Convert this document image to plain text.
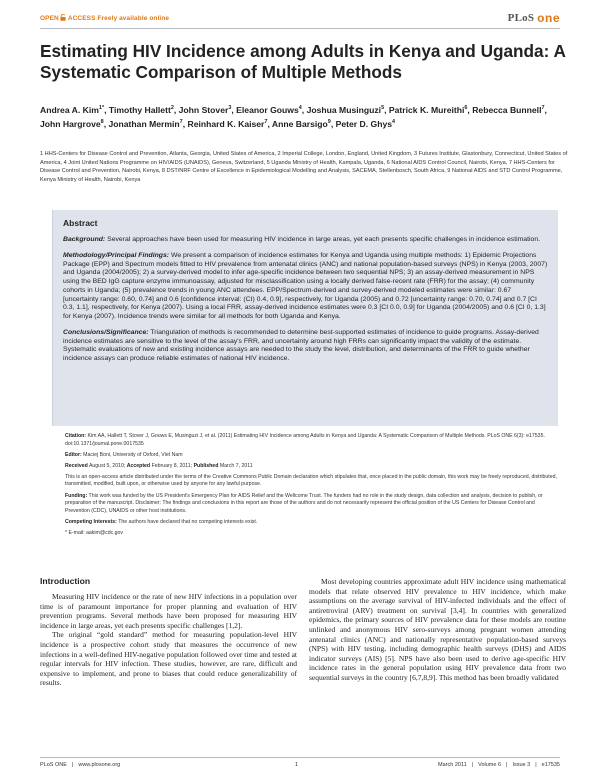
OPEN ACCESS Freely available online	PLoS one
Estimating HIV Incidence among Adults in Kenya and Uganda: A Systematic Comparison of Multiple Methods
Andrea A. Kim$^{1*}$, Timothy Hallett$^2$, John Stover$^3$, Eleanor Gouws$^4$, Joshua Musinguzi$^5$, Patrick K. Mureithi$^6$, Rebecca Bunnell$^7$, John Hargrove$^8$, Jonathan Mermin$^7$, Reinhard K. Kaiser$^7$, Anne Barsigo$^9$, Peter D. Ghys$^4$
1 HHS-Centers for Disease Control and Prevention, Atlanta, Georgia, United States of America, 2 Imperial College, London, England, United Kingdom, 3 Futures Institute, Glastonbury, Connecticut, United States of America, 4 Joint United Nations Programme on HIV/AIDS (UNAIDS), Geneva, Switzerland, 5 Uganda Ministry of Health, Kampala, Uganda, 6 National AIDS Control Council, Nairobi, Kenya, 7 HHS-Centers for Disease Control and Prevention, Nairobi, Kenya, 8 DST/NRF Centre of Excellence in Epidemiological Modelling and Analysis, SACEMA, Stellenbosch, South Africa, 9 National AIDS and STD Control Programme, Kenya Ministry of Health, Nairobi, Kenya
Abstract

Background: Several approaches have been used for measuring HIV incidence in large areas, yet each presents specific challenges in incidence estimation.

Methodology/Principal Findings: We present a comparison of incidence estimates for Kenya and Uganda using multiple methods: 1) Epidemic Projections Package (EPP) and Spectrum models fitted to HIV prevalence from antenatal clinics (ANC) and national population-based surveys (NPS) in Kenya (2003, 2007) and Uganda (2004/2005); 2) a survey-derived model to infer age-specific incidence between two sequential NPS; 3) an assay-derived measurement in NPS using the BED IgG capture enzyme immunoassay, adjusted for misclassification using a locally derived false-recent rate (FRR) for the assay; (4) community cohorts in Uganda; (5) prevalence trends in young ANC attendees. EPP/Spectrum-derived and survey-derived modeled estimates were similar: 0.67 [uncertainty range: 0.60, 0.74] and 0.6 [confidence interval: (CI) 0.4, 0.9], respectively, for Uganda (2005) and 0.72 [uncertainty range: 0.70, 0.74] and 0.7 [CI 0.3, 1.1], respectively, for Kenya (2007). Using a local FRR, assay-derived incidence estimates were 0.3 [CI 0.0, 0.9] for Uganda (2004/2005) and 0.6 [CI 0, 1.3] for Kenya (2007). Incidence trends were similar for all methods for both Uganda and Kenya.

Conclusions/Significance: Triangulation of methods is recommended to determine best-supported estimates of incidence to guide programs. Assay-derived incidence estimates are sensitive to the level of the assay's FRR, and uncertainty around high FRRs can significantly impact the validity of the estimate. Systematic evaluations of new and existing incidence assays are needed to the study the level, distribution, and determinants of the FRR to guide whether incidence assays can produce reliable estimates of national HIV incidence.

Citation: Kim AA, Hallett T, Stover J, Gouws E, Musinguzi J, et al. (2011) Estimating HIV Incidence among Adults in Kenya and Uganda: A Systematic Comparison of Multiple Methods. PLoS ONE 6(3): e17535. doi:10.1371/journal.pone.0017535

Editor: Maciej Boni, University of Oxford, Viet Nam

Received August 5, 2010; Accepted February 8, 2011; Published March 7, 2011

This is an open-access article distributed under the terms of the Creative Commons Public Domain declaration which stipulates that, once placed in the public domain, this work may be freely reproduced, distributed, transmitted, modified, built upon, or otherwise used by anyone for any lawful purpose.

Funding: This work was funded by the US President's Emergency Plan for AIDS Relief and the Wellcome Trust. The funders had no role in the study design, data collection and analysis, decision to publish, or preparation of the manuscript. Disclaimer: The findings and conclusions in this report are those of the authors and do not necessarily represent the official position of the US Centers for Disease Control and Prevention (CDC), UNAIDS or other host institutions.

Competing Interests: The authors have declared that no competing interests exist.

* E-mail: aakim@cdc.gov

Introduction

Measuring HIV incidence or the rate of new HIV infections in a population over time is of paramount importance for proper planning and evaluation of HIV prevention programs. Several methods have been proposed for measuring HIV incidence in large areas, yet each presents specific challenges [1,2].

The original “gold standard” method for measuring population-level HIV incidence is a prospective cohort study that measures the occurrence of new infections in a well-defined HIV-negative population followed over time and tested at regular intervals for HIV infection. These studies, however, are rare, difficult and expensive to implement, and prone to biases that could reduce generalizability of results.

Most developing countries approximate adult HIV incidence using mathematical models that relate observed HIV prevalence to HIV incidence, which make assumptions on the average survival of HIV-infected individuals and the effect of antiretroviral (ARV) treatment on survival [3,4]. In countries with generalized epidemics, the primary sources of HIV prevalence data for these models are routine unlinked and anonymous HIV sero-surveys among pregnant women attending antenatal clinics (ANC) and nationally representative population-based surveys (NPS) with HIV testing, including demographic health surveys (DHS) and AIDS indicator surveys (AIS) [5]. NPS have also been used to derive age-specific HIV incidence rates in the general population using HIV prevalence data from two sequential surveys in the country [6,7,8,9]. This method has been broadly validated

PLoS ONE | www.plosone.org	1	March 2011 | Volume 6 | Issue 3 | e17535
